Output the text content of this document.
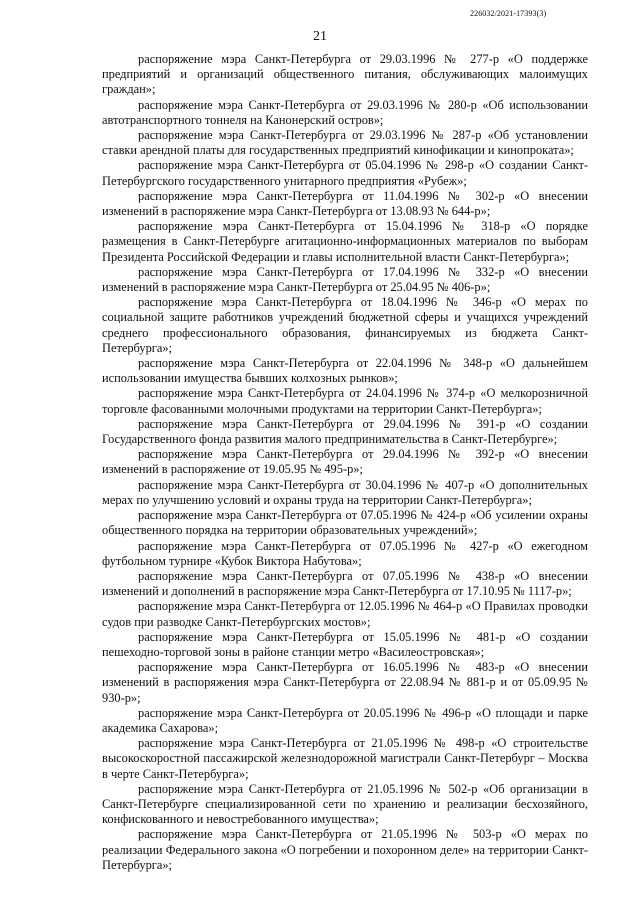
226032/2021-17393(3)
21

распоряжение мэра Санкт-Петербурга от 29.03.1996 № 277-р «О поддержке предприятий и организаций общественного питания, обслуживающих малоимущих граждан»;

распоряжение мэра Санкт-Петербурга от 29.03.1996 № 280-р «Об использовании автотранспортного тоннеля на Канонерский остров»;

распоряжение мэра Санкт-Петербурга от 29.03.1996 № 287-р «Об установлении ставки арендной платы для государственных предприятий кинофикации и кинопроката»;

распоряжение мэра Санкт-Петербурга от 05.04.1996 № 298-р «О создании Санкт-Петербургского государственного унитарного предприятия «Рубеж»;

распоряжение мэра Санкт-Петербурга от 11.04.1996 № 302-р «О внесении изменений в распоряжение мэра Санкт-Петербурга от 13.08.93 № 644-р»;

распоряжение мэра Санкт-Петербурга от 15.04.1996 № 318-р «О порядке размещения в Санкт-Петербурге агитационно-информационных материалов по выборам Президента Российской Федерации и главы исполнительной власти Санкт-Петербурга»;

распоряжение мэра Санкт-Петербурга от 17.04.1996 № 332-р «О внесении изменений в распоряжение мэра Санкт-Петербурга от 25.04.95 № 406-р»;

распоряжение мэра Санкт-Петербурга от 18.04.1996 № 346-р «О мерах по социальной защите работников учреждений бюджетной сферы и учащихся учреждений среднего профессионального образования, финансируемых из бюджета Санкт-Петербурга»;

распоряжение мэра Санкт-Петербурга от 22.04.1996 № 348-р «О дальнейшем использовании имущества бывших колхозных рынков»;

распоряжение мэра Санкт-Петербурга от 24.04.1996 № 374-р «О мелкорозничной торговле фасованными молочными продуктами на территории Санкт-Петербурга»;

распоряжение мэра Санкт-Петербурга от 29.04.1996 № 391-р «О создании Государственного фонда развития малого предпринимательства в Санкт-Петербурге»;

распоряжение мэра Санкт-Петербурга от 29.04.1996 № 392-р «О внесении изменений в распоряжение от 19.05.95 № 495-р»;

распоряжение мэра Санкт-Петербурга от 30.04.1996 № 407-р «О дополнительных мерах по улучшению условий и охраны труда на территории Санкт-Петербурга»;

распоряжение мэра Санкт-Петербурга от 07.05.1996 № 424-р «Об усилении охраны общественного порядка на территории образовательных учреждений»;

распоряжение мэра Санкт-Петербурга от 07.05.1996 № 427-р «О ежегодном футбольном турнире «Кубок Виктора Набутова»;

распоряжение мэра Санкт-Петербурга от 07.05.1996 № 438-р «О внесении изменений и дополнений в распоряжение мэра Санкт-Петербурга от 17.10.95 № 1117-р»;

распоряжение мэра Санкт-Петербурга от 12.05.1996 № 464-р «О Правилах проводки судов при разводке Санкт-Петербургских мостов»;

распоряжение мэра Санкт-Петербурга от 15.05.1996 № 481-р «О создании пешеходно-торговой зоны в районе станции метро «Василеостровская»;

распоряжение мэра Санкт-Петербурга от 16.05.1996 № 483-р «О внесении изменений в распоряжения мэра Санкт-Петербурга от 22.08.94 № 881-р и от 05.09.95 № 930-р»;

распоряжение мэра Санкт-Петербурга от 20.05.1996 № 496-р «О площади и парке академика Сахарова»;

распоряжение мэра Санкт-Петербурга от 21.05.1996 № 498-р «О строительстве высокоскоростной пассажирской железнодорожной магистрали Санкт-Петербург – Москва в черте Санкт-Петербурга»;

распоряжение мэра Санкт-Петербурга от 21.05.1996 № 502-р «Об организации в Санкт-Петербурге специализированной сети по хранению и реализации бесхозяйного, конфискованного и невостребованного имущества»;

распоряжение мэра Санкт-Петербурга от 21.05.1996 № 503-р «О мерах по реализации Федерального закона «О погребении и похоронном деле» на территории Санкт-Петербурга»;
